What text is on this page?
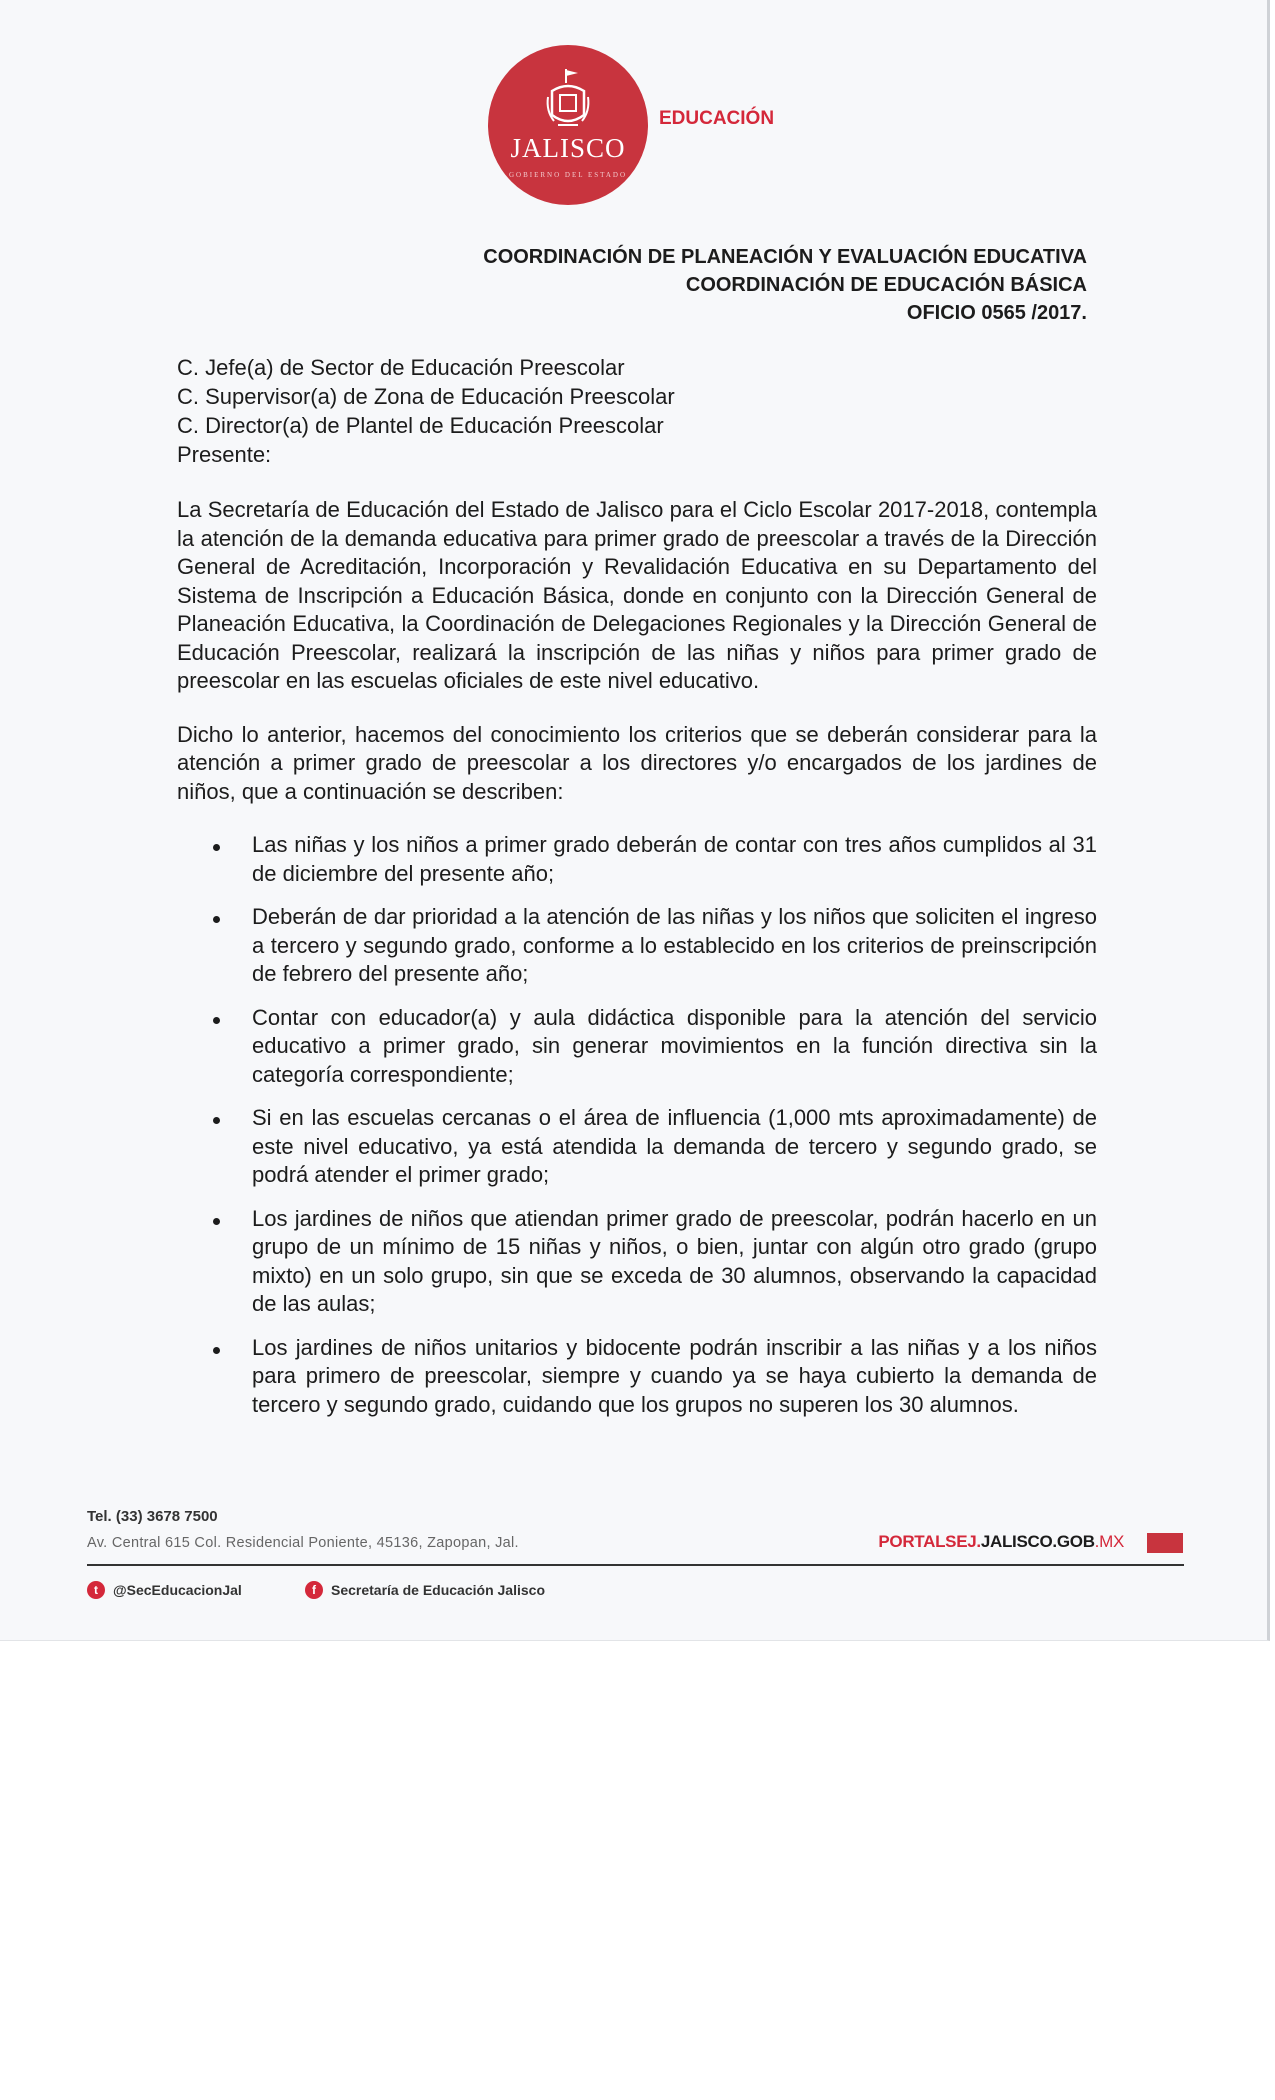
JALISCO
GOBIERNO DEL ESTADO
EDUCACIÓN
COORDINACIÓN DE PLANEACIÓN Y EVALUACIÓN EDUCATIVA
COORDINACIÓN DE EDUCACIÓN BÁSICA
OFICIO 0565 /2017.
C. Jefe(a) de Sector de Educación Preescolar
C. Supervisor(a) de Zona de Educación Preescolar
C. Director(a) de Plantel de Educación Preescolar
Presente:

La Secretaría de Educación del Estado de Jalisco para el Ciclo Escolar 2017-2018, contempla la atención de la demanda educativa para primer grado de preescolar a través de la Dirección General de Acreditación, Incorporación y Revalidación Educativa en su Departamento del Sistema de Inscripción a Educación Básica, donde en conjunto con la Dirección General de Planeación Educativa, la Coordinación de Delegaciones Regionales y la Dirección General de Educación Preescolar, realizará la inscripción de las niñas y niños para primer grado de preescolar en las escuelas oficiales de este nivel educativo.

Dicho lo anterior, hacemos del conocimiento los criterios que se deberán considerar para la atención a primer grado de preescolar a los directores y/o encargados de los jardines de niños, que a continuación se describen:

Las niñas y los niños a primer grado deberán de contar con tres años cumplidos al 31 de diciembre del presente año;
Deberán de dar prioridad a la atención de las niñas y los niños que soliciten el ingreso a tercero y segundo grado, conforme a lo establecido en los criterios de preinscripción de febrero del presente año;
Contar con educador(a) y aula didáctica disponible para la atención del servicio educativo a primer grado, sin generar movimientos en la función directiva sin la categoría correspondiente;
Si en las escuelas cercanas o el área de influencia (1,000 mts aproximadamente) de este nivel educativo, ya está atendida la demanda de tercero y segundo grado, se podrá atender el primer grado;
Los jardines de niños que atiendan primer grado de preescolar, podrán hacerlo en un grupo de un mínimo de 15 niñas y niños, o bien, juntar con algún otro grado (grupo mixto) en un solo grupo, sin que se exceda de 30 alumnos, observando la capacidad de las aulas;
Los jardines de niños unitarios y bidocente podrán inscribir a las niñas y a los niños para primero de preescolar, siempre y cuando ya se haya cubierto la demanda de tercero y segundo grado, cuidando que los grupos no superen los 30 alumnos.
Tel. (33) 3678 7500
Av. Central 615 Col. Residencial Poniente, 45136, Zapopan, Jal.	PORTALSEJ.JALISCO.GOB.MX
t	@SecEducacionJal	f	Secretaría de Educación Jalisco
